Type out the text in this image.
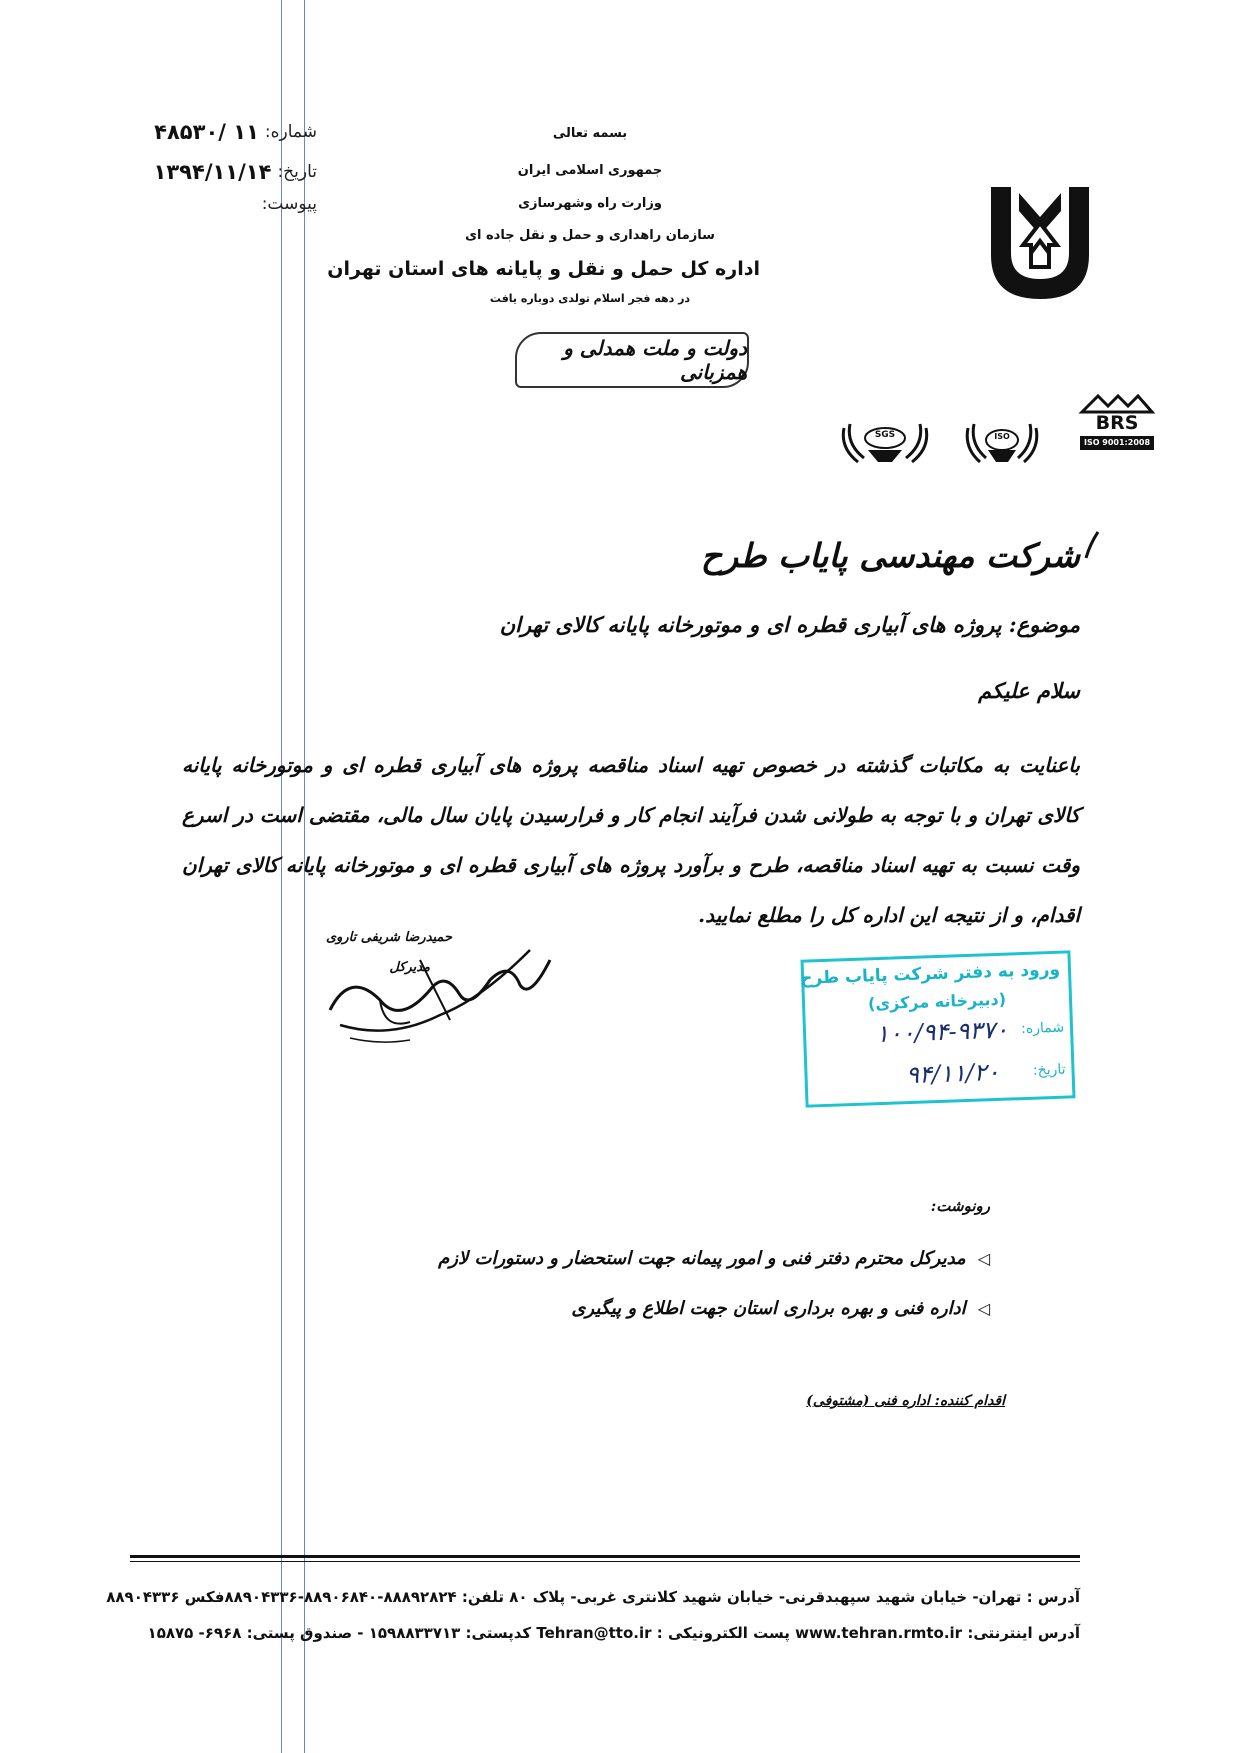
شماره:
۱۱ /۴۸۵۳۰
تاریخ:
۱۳۹۴/۱۱/۱۴
پیوست:
بسمه تعالی
جمهوری اسلامی ایران
وزارت راه وشهرسازی
سازمان راهداری و حمل و نقل جاده ای
اداره کل حمل و نقل و پایانه های استان تهران
در دهه فجر اسلام تولدی دوباره یافت
دولت و ملت همدلی و همزبانی
BRS
ISO 9001:2008
ISO
SGS
شرکت مهندسی پایاب طرح
موضوع: پروژه های آبیاری قطره ای و موتورخانه پایانه کالای تهران
سلام علیکم
باعنایت به مکاتبات گذشته در خصوص تهیه اسناد مناقصه پروژه های آبیاری قطره ای و موتورخانه پایانه کالای تهران و با توجه به طولانی شدن فرآیند انجام کار و فرارسیدن پایان سال مالی، مقتضی است در اسرع وقت نسبت به تهیه اسناد مناقصه، طرح و برآورد پروژه های آبیاری قطره ای و موتورخانه پایانه کالای تهران اقدام، و از نتیجه این اداره کل را مطلع نمایید.
حمیدرضا شریفی تاروی
مدیرکل	ورود به دفتر شرکت پایاب طرح
(دبیرخانه مرکزی)
شماره:
۱۰۰/۹۴-۹۳۷۰
تاریخ:
۹۴/۱۱/۲۰
رونوشت:
◁
مدیرکل محترم دفتر فنی و امور پیمانه جهت استحضار و دستورات لازم
◁
اداره فنی و بهره برداری استان جهت اطلاع و پیگیری
اقدام کننده: اداره فنی (مشتوفی)
آدرس : تهران- خیابان شهید سپهبدقرنی- خیابان شهید کلانتری غربی- پلاک ۸۰ تلفن: ۸۸۸۹۲۸۲۴-۸۸۹۰۶۸۴۰-۸۸۹۰۴۳۳۶فکس ۸۸۹۰۴۳۳۶
آدرس اینترنتی: www.tehran.rmto.ir پست الکترونیکی : Tehran@tto.ir کدپستی: ۱۵۹۸۸۳۳۷۱۳ - صندوق پستی: ۶۹۶۸- ۱۵۸۷۵
